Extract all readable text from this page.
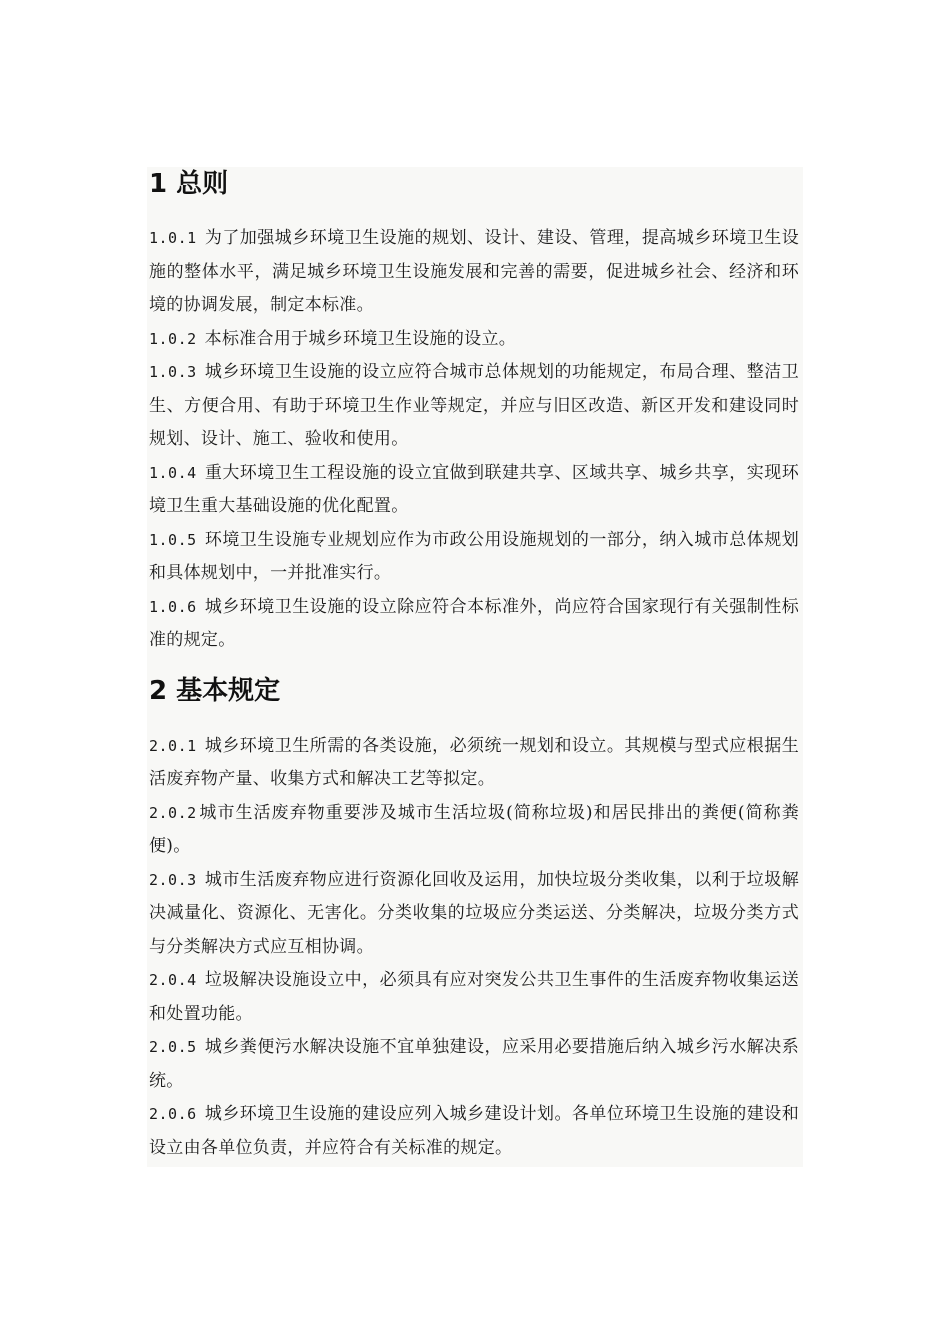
1 总则

1.0.1 为了加强城乡环境卫生设施的规划、设计、建设、管理，提高城乡环境卫生设施的整体水平，满足城乡环境卫生设施发展和完善的需要，促进城乡社会、经济和环境的协调发展，制定本标准。

1.0.2 本标准合用于城乡环境卫生设施的设立。

1.0.3 城乡环境卫生设施的设立应符合城市总体规划的功能规定，布局合理、整洁卫生、方便合用、有助于环境卫生作业等规定，并应与旧区改造、新区开发和建设同时规划、设计、施工、验收和使用。

1.0.4 重大环境卫生工程设施的设立宜做到联建共享、区域共享、城乡共享，实现环境卫生重大基础设施的优化配置。

1.0.5 环境卫生设施专业规划应作为市政公用设施规划的一部分，纳入城市总体规划和具体规划中，一并批准实行。

1.0.6 城乡环境卫生设施的设立除应符合本标准外，尚应符合国家现行有关强制性标准的规定。

2 基本规定

2.0.1 城乡环境卫生所需的各类设施，必须统一规划和设立。其规模与型式应根据生活废弃物产量、收集方式和解决工艺等拟定。

2.0.2 城市生活废弃物重要涉及城市生活垃圾(简称垃圾)和居民排出的粪便(简称粪便)。

2.0.3 城市生活废弃物应进行资源化回收及运用，加快垃圾分类收集，以利于垃圾解决减量化、资源化、无害化。分类收集的垃圾应分类运送、分类解决，垃圾分类方式与分类解决方式应互相协调。

2.0.4 垃圾解决设施设立中，必须具有应对突发公共卫生事件的生活废弃物收集运送和处置功能。

2.0.5 城乡粪便污水解决设施不宜单独建设，应采用必要措施后纳入城乡污水解决系统。

2.0.6 城乡环境卫生设施的建设应列入城乡建设计划。各单位环境卫生设施的建设和设立由各单位负责，并应符合有关标准的规定。
